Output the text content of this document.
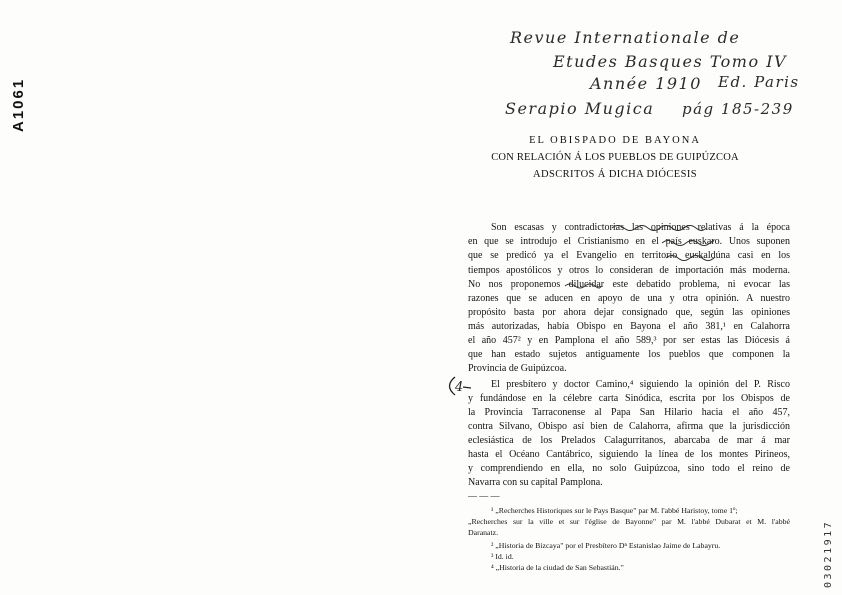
A1061
Revue Internationale de
Etudes Basques Tomo IV
Année 1910 Ed. Paris
Serapio Mugica pág 185-239
EL OBISPADO DE BAYONA
CON RELACIÓN Á LOS PUEBLOS DE GUIPÚZCOA
ADSCRITOS Á DICHA DIÓCESIS
Son escasas y contradictorias las opiniones relativas á la época
en que se introdujo el Cristianismo en el país euskaro. Unos suponen
que se predicó ya el Evangelio en territorio euskaldúna casi en los
tiempos apostólicos y otros lo consideran de importación más moderna.
No nos proponemos dilucidar este debatido problema, ni evocar las
razones que se aducen en apoyo de una y otra opinión. A nuestro
propósito basta por ahora dejar consignado que, según las opiniones
más autorizadas, había Obispo en Bayona el año 381,¹ en Calahorra
el año 457² y en Pamplona el año 589,³ por ser estas las Diócesis á
que han estado sujetos antiguamente los pueblos que componen la
Provincia de Guipúzcoa.
El presbítero y doctor Camino,⁴ siguiendo la opinión del P. Risco
y fundándose en la célebre carta Sinódica, escrita por los Obispos de
la Provincia Tarraconense al Papa San Hilario hacia el año 457,
contra Silvano, Obispo así bien de Calahorra, afirma que la jurisdicción
eclesiástica de los Prelados Calagurritanos, abarcaba de mar á mar
hasta el Océano Cantábrico, siguiendo la línea de los montes Pirineos,
y comprendiendo en ella, no solo Guipúzcoa, sino todo el reino de
Navarra con su capital Pamplona.
— — —
¹ „Recherches Historiques sur le Pays Basque" par M. l'abbé Haristoy, tome 1º;
„Recherches sur la ville et sur l'église de Bayonne" par M. l'abbé Dubarat et M. l'abbé
Daranatz.
² „Historia de Bizcaya" por el Presbítero Dⁿ Estanislao Jaime de Labayru.
³ Id. id.
⁴ „Historia de la ciudad de San Sebastián."	03021917
4
